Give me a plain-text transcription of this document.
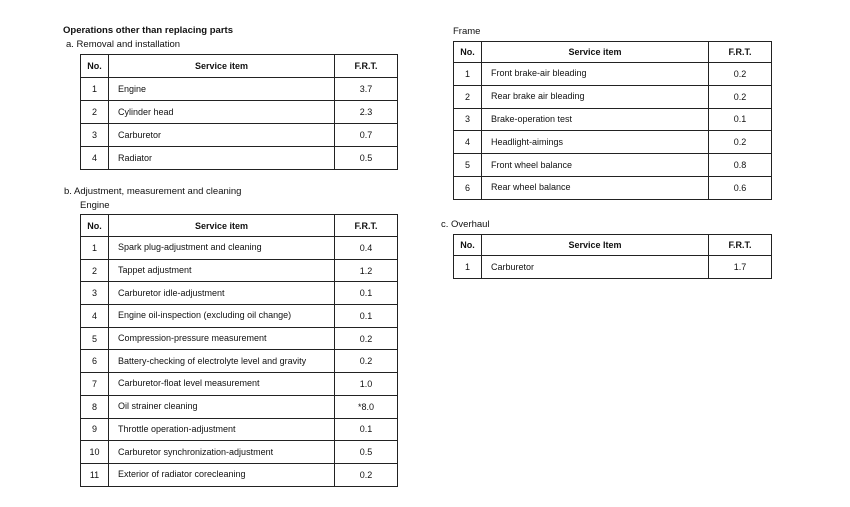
Operations other than replacing parts
a. Removal and installation
b. Adjustment, measurement and cleaning
Engine
Frame
c. Overhaul
No.	Service item	F.R.T.
1	Engine	3.7
2	Cylinder head	2.3
3	Carburetor	0.7
4	Radiator	0.5
No.	Service item	F.R.T.
1	Spark plug-adjustment and cleaning	0.4
2	Tappet adjustment	1.2
3	Carburetor idle-adjustment	0.1
4	Engine oil-inspection (excluding oil change)	0.1
5	Compression-pressure measurement	0.2
6	Battery-checking of electrolyte level and gravity	0.2
7	Carburetor-float level measurement	1.0
8	Oil strainer cleaning	*8.0
9	Throttle operation-adjustment	0.1
10	Carburetor synchronization-adjustment	0.5
11	Exterior of radiator corecleaning	0.2
No.	Service item	F.R.T.
1	Front brake-air bleading	0.2
2	Rear brake air bleading	0.2
3	Brake-operation test	0.1
4	Headlight-aimings	0.2
5	Front wheel balance	0.8
6	Rear wheel balance	0.6
No.	Service Item	F.R.T.
1	Carburetor	1.7
